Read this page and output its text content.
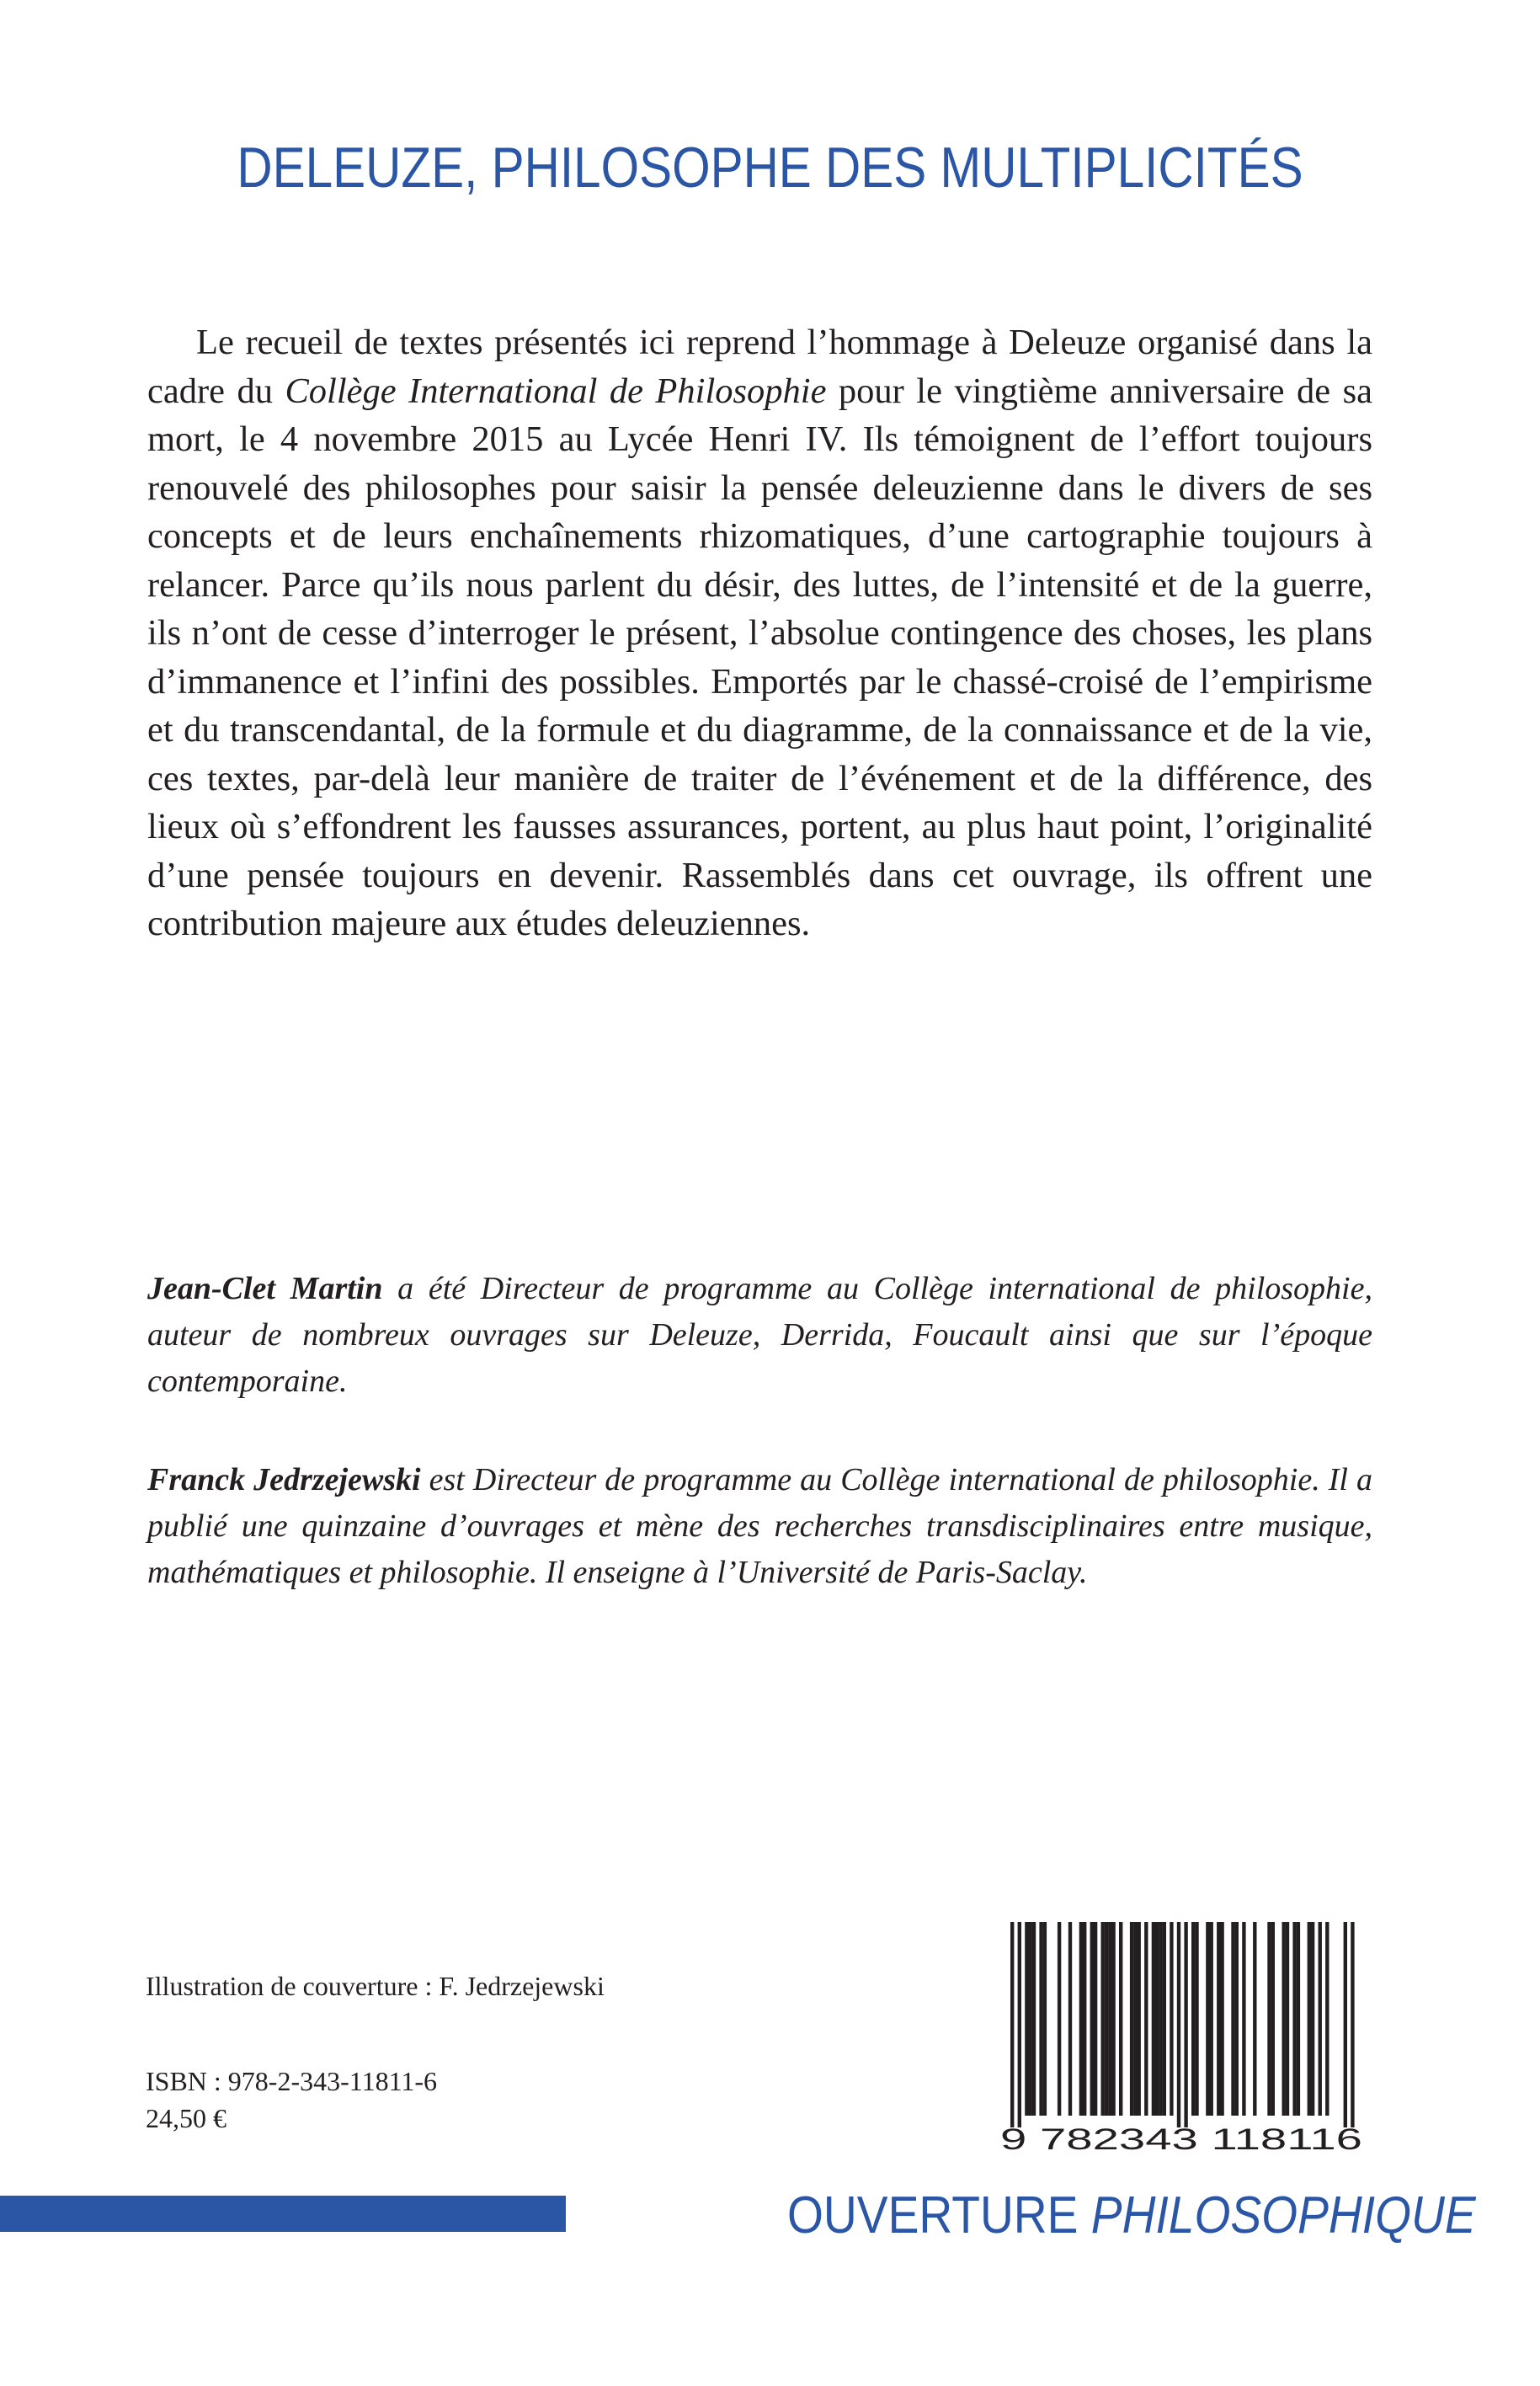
DELEUZE, PHILOSOPHE DES MULTIPLICITÉS

Le recueil de textes présentés ici reprend l’hommage à Deleuze organisé dans la cadre du Collège International de Philosophie pour le vingtième anniversaire de sa mort, le 4 novembre 2015 au Lycée Henri IV. Ils témoignent de l’effort toujours renouvelé des philosophes pour saisir la pensée deleuzienne dans le divers de ses concepts et de leurs enchaînements rhizomatiques, d’une cartographie toujours à relancer. Parce qu’ils nous parlent du désir, des luttes, de l’intensité et de la guerre, ils n’ont de cesse d’interroger le présent, l’absolue contingence des choses, les plans d’immanence et l’infini des possibles. Emportés par le chassé-croisé de l’empirisme et du transcendantal, de la formule et du diagramme, de la connaissance et de la vie, ces textes, par-delà leur manière de traiter de l’événement et de la différence, des lieux où s’effondrent les fausses assurances, portent, au plus haut point, l’originalité d’une pensée toujours en devenir. Rassemblés dans cet ouvrage, ils offrent une contribution majeure aux études deleuziennes.

Jean-Clet Martin a été Directeur de programme au Collège international de philosophie, auteur de nombreux ouvrages sur Deleuze, Derrida, Foucault ainsi que sur l’époque contemporaine.

Franck Jedrzejewski est Directeur de programme au Collège international de philosophie. Il a publié une quinzaine d’ouvrages et mène des recherches transdisciplinaires entre musique, mathématiques et philosophie. Il enseigne à l’Université de Paris-Saclay.

Illustration de couverture : F. Jedrzejewski
ISBN : 978-2-343-11811-6
24,50 €
9 782343 118116
OUVERTURE PHILOSOPHIQUE
